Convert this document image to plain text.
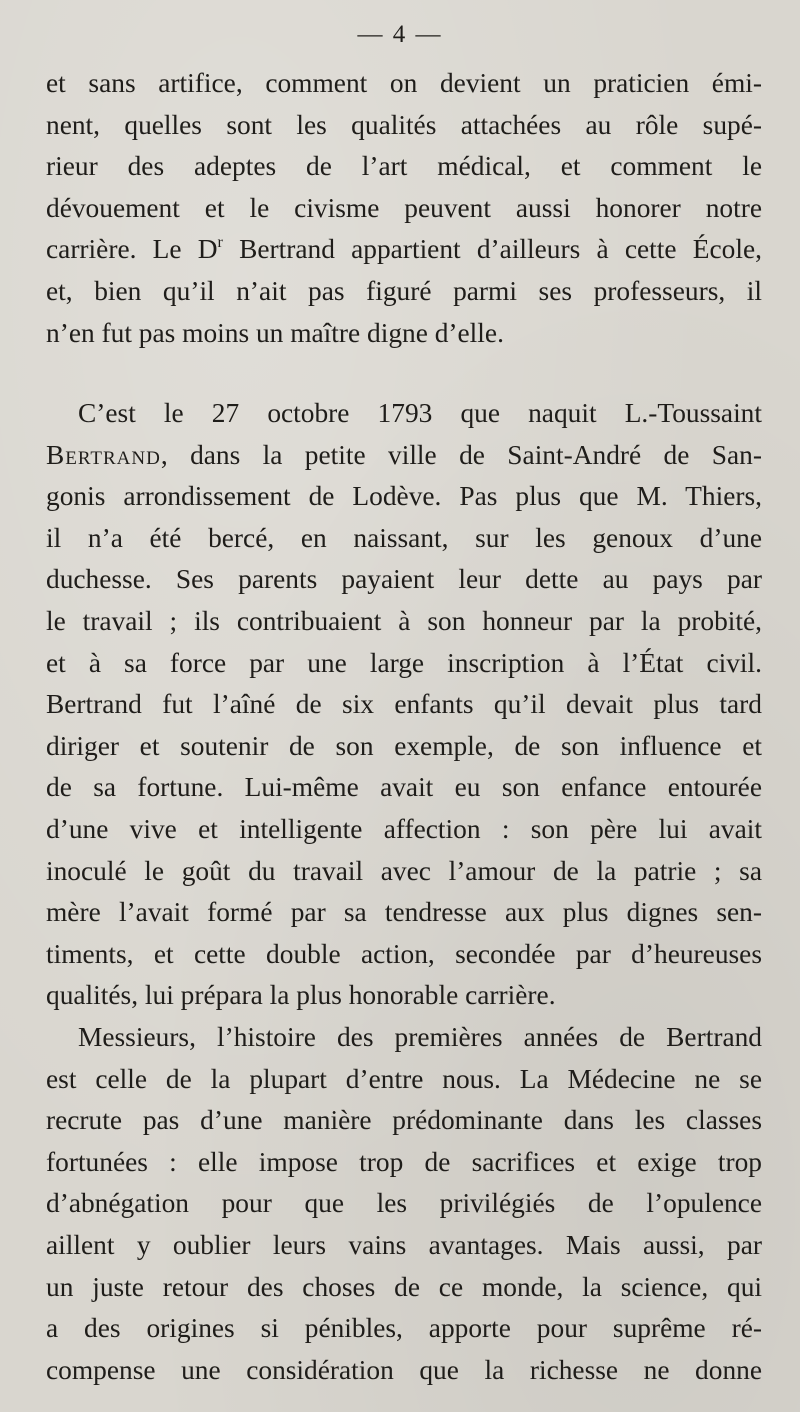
— 4 —
et sans artifice, comment on devient un praticien émi-
nent, quelles sont les qualités attachées au rôle supé-
rieur des adeptes de l’art médical, et comment le
dévouement et le civisme peuvent aussi honorer notre
carrière. Le $D^r$ Bertrand appartient d’ailleurs à cette École,
et, bien qu’il n’ait pas figuré parmi ses professeurs, il
n’en fut pas moins un maître digne d’elle.
C’est le 27 octobre 1793 que naquit L.-Toussaint
Bertrand, dans la petite ville de Saint-André de San-
gonis arrondissement de Lodève. Pas plus que M. Thiers,
il n’a été bercé, en naissant, sur les genoux d’une
duchesse. Ses parents payaient leur dette au pays par
le travail ; ils contribuaient à son honneur par la probité,
et à sa force par une large inscription à l’État civil.
Bertrand fut l’aîné de six enfants qu’il devait plus tard
diriger et soutenir de son exemple, de son influence et
de sa fortune. Lui-même avait eu son enfance entourée
d’une vive et intelligente affection : son père lui avait
inoculé le goût du travail avec l’amour de la patrie ; sa
mère l’avait formé par sa tendresse aux plus dignes sen-
timents, et cette double action, secondée par d’heureuses
qualités, lui prépara la plus honorable carrière.
Messieurs, l’histoire des premières années de Bertrand
est celle de la plupart d’entre nous. La Médecine ne se
recrute pas d’une manière prédominante dans les classes
fortunées : elle impose trop de sacrifices et exige trop
d’abnégation pour que les privilégiés de l’opulence
aillent y oublier leurs vains avantages. Mais aussi, par
un juste retour des choses de ce monde, la science, qui
a des origines si pénibles, apporte pour suprême ré-
compense une considération que la richesse ne donne
